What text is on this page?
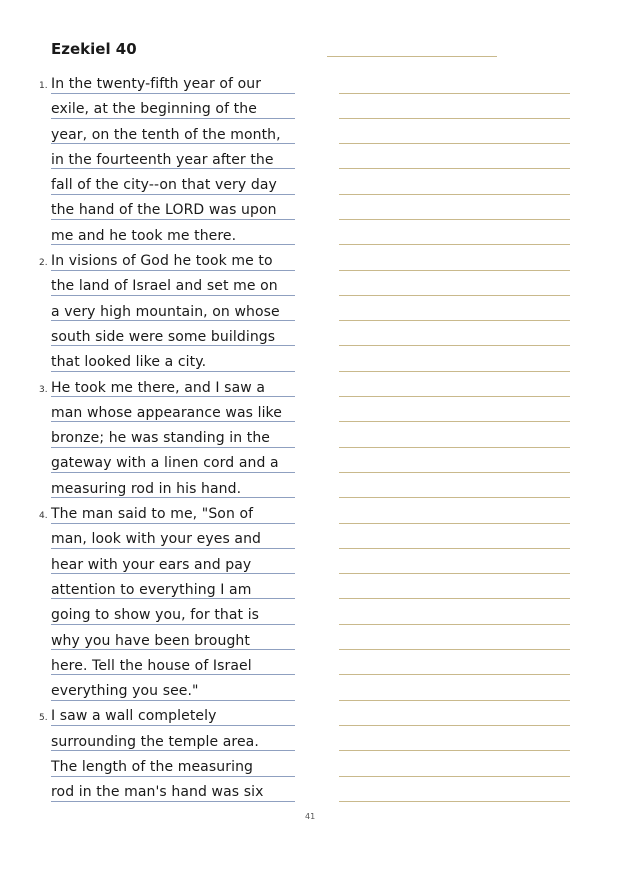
Ezekiel 40
1. In the twenty-fifth year of our
exile, at the beginning of the
year, on the tenth of the month,
in the fourteenth year after the
fall of the city--on that very day
the hand of the LORD was upon
me and he took me there.
2. In visions of God he took me to
the land of Israel and set me on
a very high mountain, on whose
south side were some buildings
that looked like a city.
3. He took me there, and I saw a
man whose appearance was like
bronze; he was standing in the
gateway with a linen cord and a
measuring rod in his hand.
4. The man said to me, "Son of
man, look with your eyes and
hear with your ears and pay
attention to everything I am
going to show you, for that is
why you have been brought
here. Tell the house of Israel
everything you see."
5. I saw a wall completely
surrounding the temple area.
The length of the measuring
rod in the man's hand was six
41
